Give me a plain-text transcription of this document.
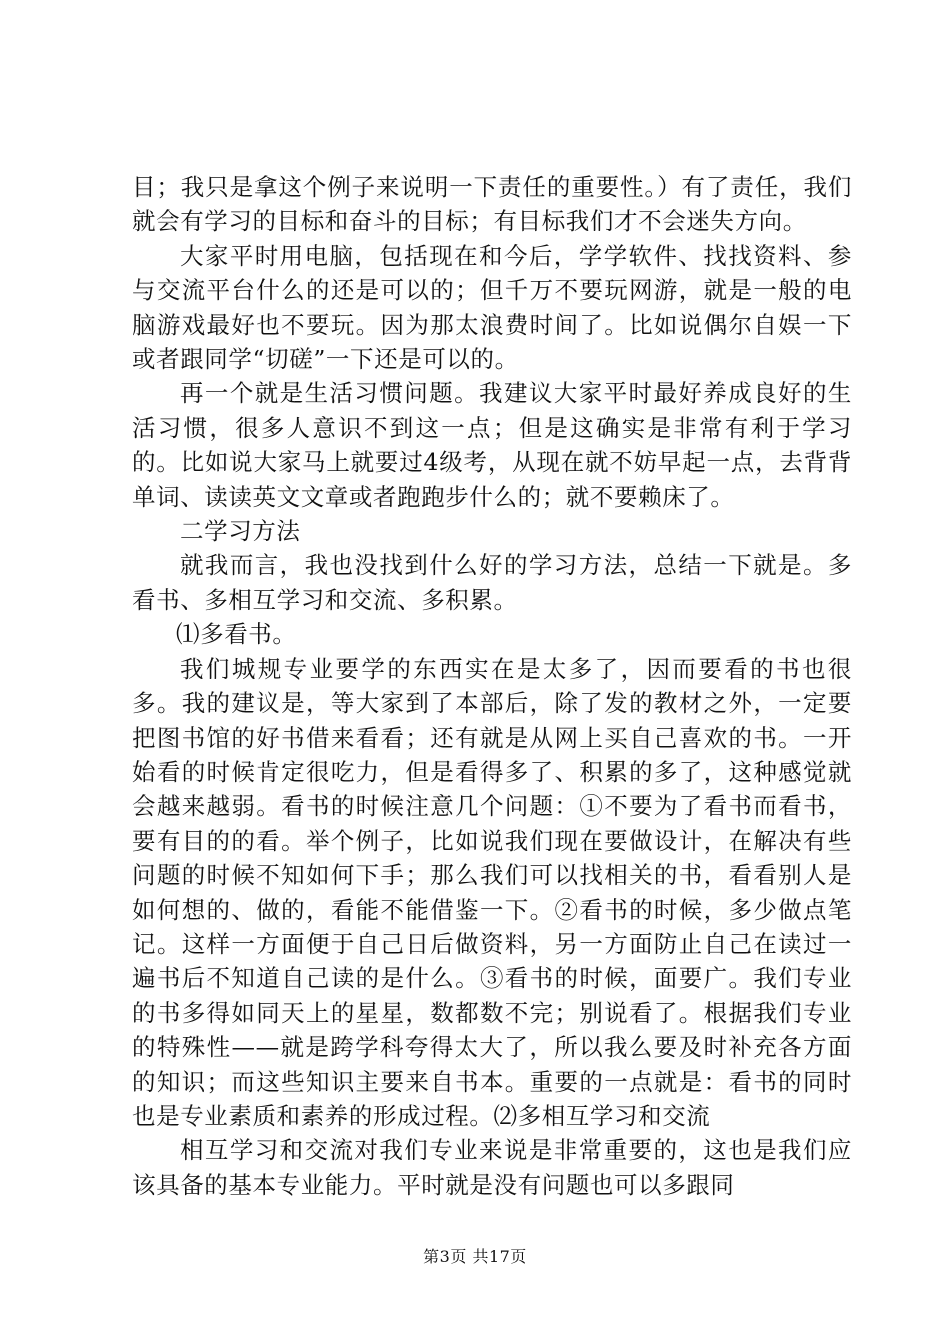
目；我只是拿这个例子来说明一下责任的重要性。）有了责任，我们就会有学习的目标和奋斗的目标；有目标我们才不会迷失方向。

大家平时用电脑，包括现在和今后，学学软件、找找资料、参与交流平台什么的还是可以的；但千万不要玩网游，就是一般的电脑游戏最好也不要玩。因为那太浪费时间了。比如说偶尔自娱一下或者跟同学“切磋”一下还是可以的。

再一个就是生活习惯问题。我建议大家平时最好养成良好的生活习惯，很多人意识不到这一点；但是这确实是非常有利于学习的。比如说大家马上就要过4级考，从现在就不妨早起一点，去背背单词、读读英文文章或者跑跑步什么的；就不要赖床了。

二学习方法

就我而言，我也没找到什么好的学习方法，总结一下就是。多看书、多相互学习和交流、多积累。

⑴多看书。

我们城规专业要学的东西实在是太多了，因而要看的书也很多。我的建议是，等大家到了本部后，除了发的教材之外，一定要把图书馆的好书借来看看；还有就是从网上买自己喜欢的书。一开始看的时候肯定很吃力，但是看得多了、积累的多了，这种感觉就会越来越弱。看书的时候注意几个问题：①不要为了看书而看书，要有目的的看。举个例子，比如说我们现在要做设计，在解决有些问题的时候不知如何下手；那么我们可以找相关的书，看看别人是如何想的、做的，看能不能借鉴一下。②看书的时候，多少做点笔记。这样一方面便于自己日后做资料，另一方面防止自己在读过一遍书后不知道自己读的是什么。③看书的时候，面要广。我们专业的书多得如同天上的星星，数都数不完；别说看了。根据我们专业的特殊性——就是跨学科夸得太大了，所以我么要及时补充各方面的知识；而这些知识主要来自书本。重要的一点就是：看书的同时也是专业素质和素养的形成过程。⑵多相互学习和交流

相互学习和交流对我们专业来说是非常重要的，这也是我们应该具备的基本专业能力。平时就是没有问题也可以多跟同

第3页 共17页
